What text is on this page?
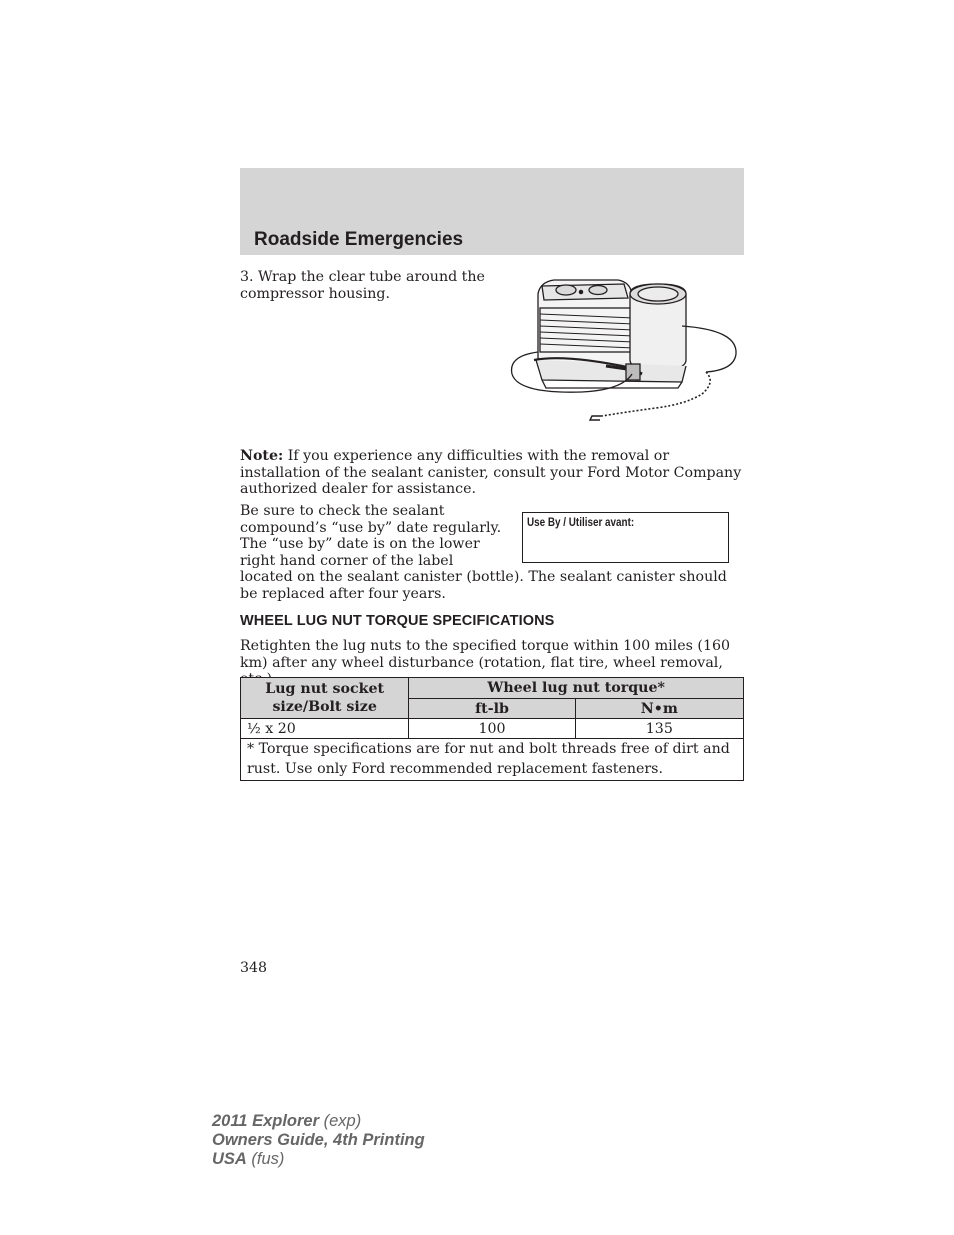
Roadside Emergencies
3. Wrap the clear tube around the compressor housing.
Note: If you experience any difficulties with the removal or installation of the sealant canister, consult your Ford Motor Company authorized dealer for assistance.
Use By / Utiliser avant:
Be sure to check the sealant compound’s “use by” date regularly. The “use by” date is on the lower right hand corner of the label located on the sealant canister (bottle). The sealant canister should be replaced after four years.
WHEEL LUG NUT TORQUE SPECIFICATIONS
Retighten the lug nuts to the specified torque within 100 miles (160 km) after any wheel disturbance (rotation, flat tire, wheel removal,
Lug nut socket size/Bolt size	Wheel lug nut torque*	
	ft-lb	N•m
½ x 20	100	135
* Torque specifications are for nut and bolt threads free of dirt and rust. Use only Ford recommended replacement fasteners.		
348
2011 Explorer (exp)
Owners Guide, 4th Printing
USA (fus)
